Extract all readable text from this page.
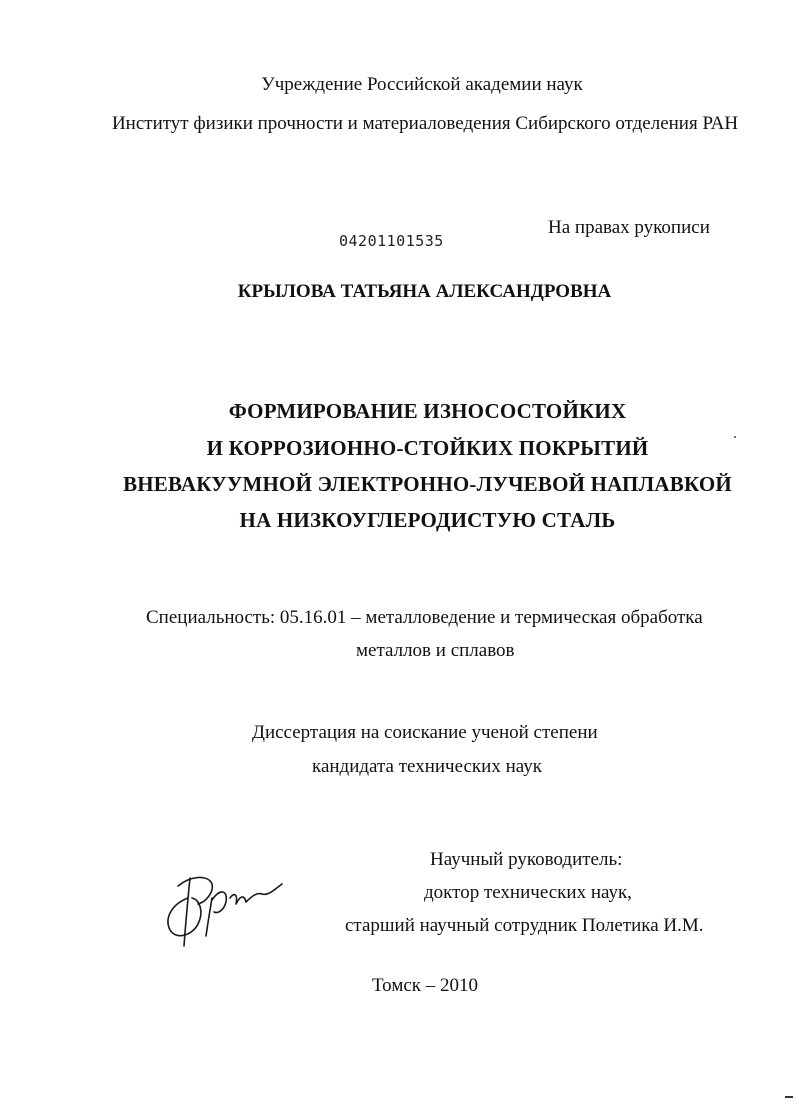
Учреждение Российской академии наук
Институт физики прочности и материаловедения Сибирского отделения РАН
На правах рукописи
04201101535
КРЫЛОВА ТАТЬЯНА АЛЕКСАНДРОВНА
ФОРМИРОВАНИЕ ИЗНОСОСТОЙКИХ
И КОРРОЗИОННО-СТОЙКИХ ПОКРЫТИЙ
ВНЕВАКУУМНОЙ ЭЛЕКТРОННО-ЛУЧЕВОЙ НАПЛАВКОЙ
НА НИЗКОУГЛЕРОДИСТУЮ СТАЛЬ
Специальность: 05.16.01 – металловедение и термическая обработка
металлов и сплавов
Диссертация на соискание ученой степени
кандидата технических наук
Научный руководитель:
доктор технических наук,
старший научный сотрудник Полетика И.М.
Томск – 2010
